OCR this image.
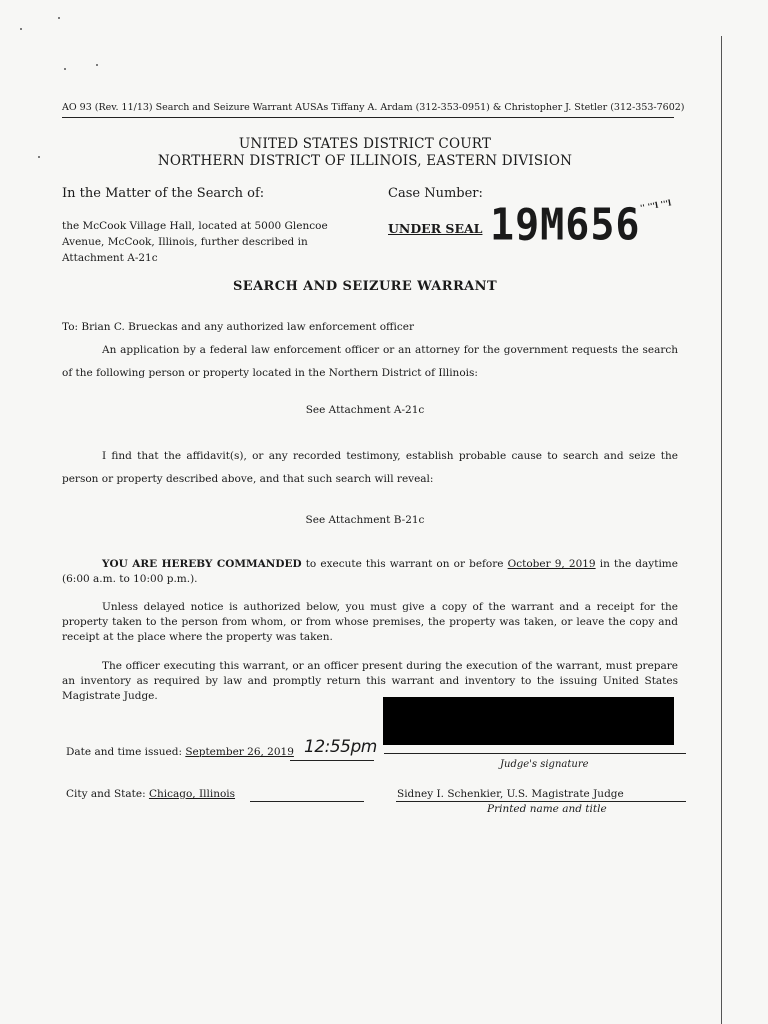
AO 93 (Rev. 11/13) Search and Seizure Warrant AUSAs Tiffany A. Ardam (312-353-0951) & Christopher J. Stetler (312-353-7602)
UNITED STATES DISTRICT COURT
NORTHERN DISTRICT OF ILLINOIS, EASTERN DIVISION
In the Matter of the Search of:	Case Number:
the McCook Village Hall, located at 5000 Glencoe Avenue, McCook, Illinois, further described in Attachment A-21c
UNDER SEAL 19M656
'' '''l '''l
SEARCH AND SEIZURE WARRANT
To: Brian C. Brueckas and any authorized law enforcement officer
An application by a federal law enforcement officer or an attorney for the government requests the search of the following person or property located in the Northern District of Illinois:
See Attachment A-21c
I find that the affidavit(s), or any recorded testimony, establish probable cause to search and seize the person or property described above, and that such search will reveal:
See Attachment B-21c
YOU ARE HEREBY COMMANDED to execute this warrant on or before October 9, 2019 in the daytime (6:00 a.m. to 10:00 p.m.).
Unless delayed notice is authorized below, you must give a copy of the warrant and a receipt for the property taken to the person from whom, or from whose premises, the property was taken, or leave the copy and receipt at the place where the property was taken.
The officer executing this warrant, or an officer present during the execution of the warrant, must prepare an inventory as required by law and promptly return this warrant and inventory to the issuing United States Magistrate Judge.
Date and time issued: September 26, 2019 12:55pm
Judge's signature
City and State: Chicago, Illinois	Sidney I. Schenkier, U.S. Magistrate Judge
Printed name and title
